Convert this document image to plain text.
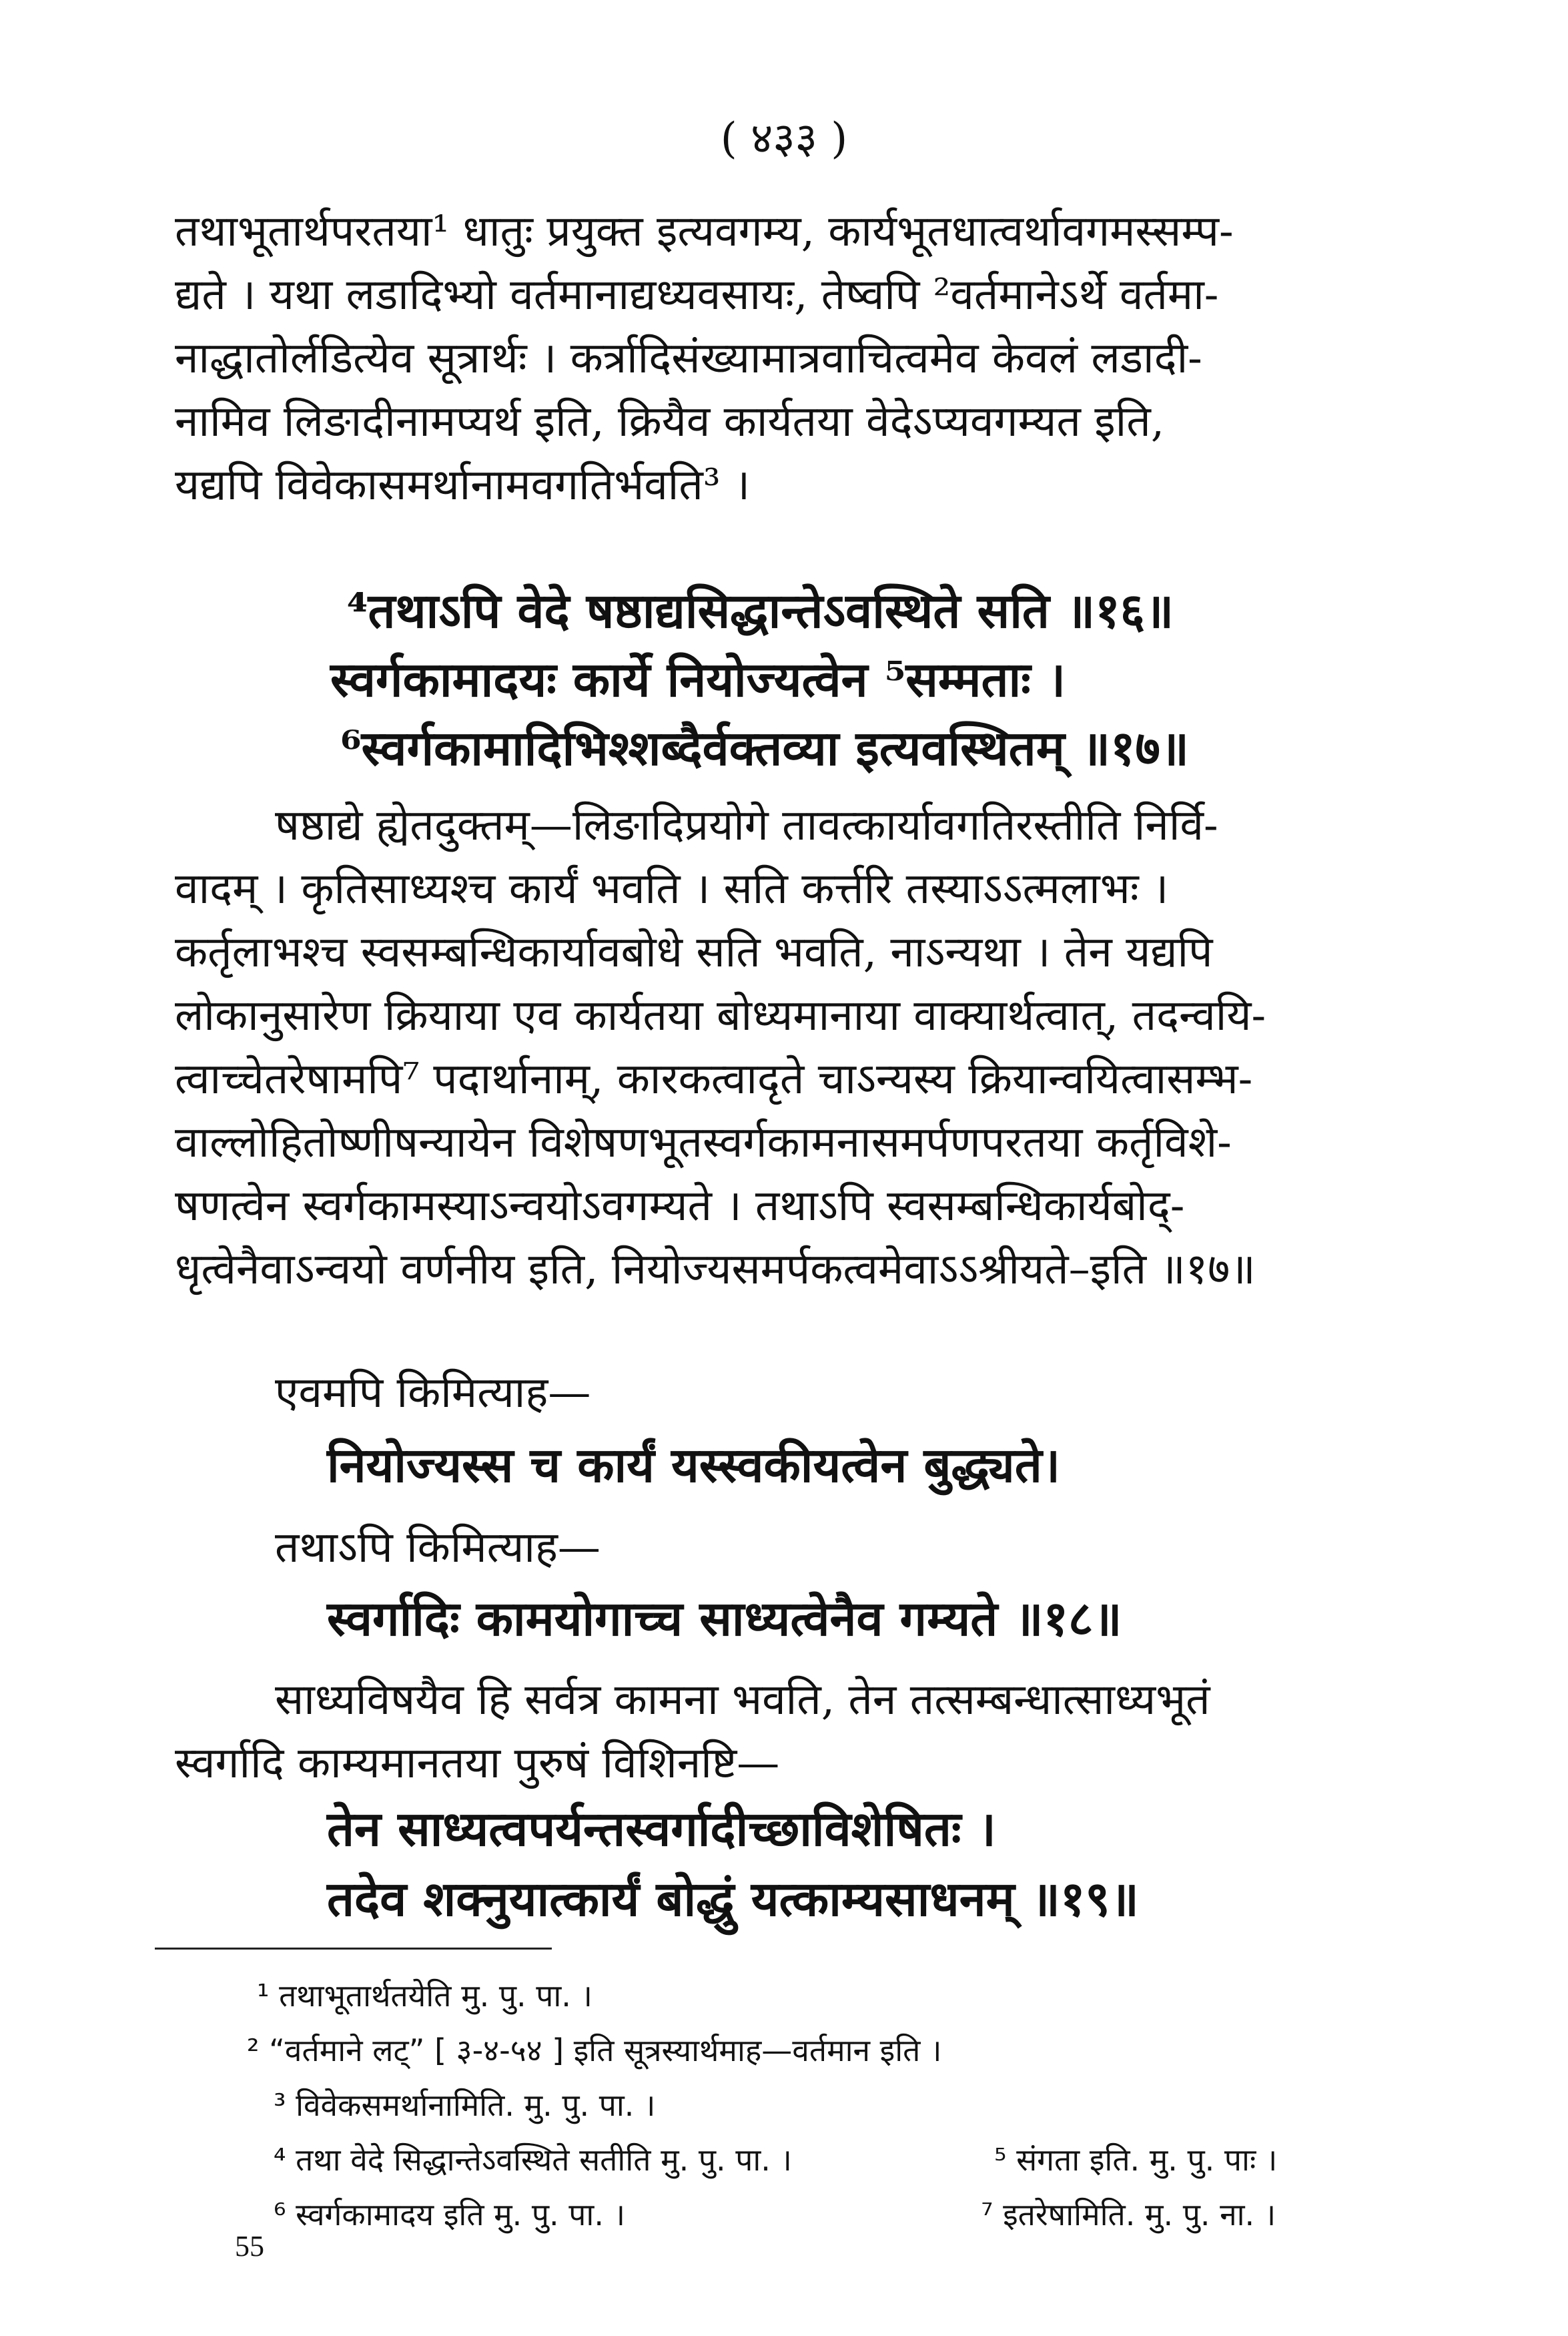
( ४३३ )
तथाभूतार्थपरतया¹ धातुः प्रयुक्त इत्यवगम्य, कार्यभूतधात्वर्थावगमस्सम्प-
द्यते । यथा लडादिभ्यो वर्तमानाद्यध्यवसायः, तेष्वपि ²वर्तमानेऽर्थे वर्तमा-
नाद्धातोर्लडित्येव सूत्रार्थः । कर्त्रादिसंख्यामात्रवाचित्वमेव केवलं लडादी-
नामिव लिङादीनामप्यर्थ इति, क्रियैव कार्यतया वेदेऽप्यवगम्यत इति,
यद्यपि विवेकासमर्थानामवगतिर्भवति³ ।
⁴तथाऽपि वेदे षष्ठाद्यसिद्धान्तेऽवस्थिते सति ॥१६॥
स्वर्गकामादयः कार्ये नियोज्यत्वेन ⁵सम्मताः ।
⁶स्वर्गकामादिभिश्शब्दैर्वक्तव्या इत्यवस्थितम् ॥१७॥
षष्ठाद्ये ह्येतदुक्तम्—लिङादिप्रयोगे तावत्कार्यावगतिरस्तीति निर्वि-
वादम् । कृतिसाध्यश्च कार्यं भवति । सति कर्त्तरि तस्याऽऽत्मलाभः ।
कर्तृलाभश्च स्वसम्बन्धिकार्यावबोधे सति भवति, नाऽन्यथा । तेन यद्यपि
लोकानुसारेण क्रियाया एव कार्यतया बोध्यमानाया वाक्यार्थत्वात्, तदन्वयि-
त्वाच्चेतरेषामपि⁷ पदार्थानाम्, कारकत्वादृते चाऽन्यस्य क्रियान्वयित्वासम्भ-
वाल्लोहितोष्णीषन्यायेन विशेषणभूतस्वर्गकामनासमर्पणपरतया कर्तृविशे-
षणत्वेन स्वर्गकामस्याऽन्वयोऽवगम्यते । तथाऽपि स्वसम्बन्धिकार्यबोद्-
धृत्वेनैवाऽन्वयो वर्णनीय इति, नियोज्यसमर्पकत्वमेवाऽऽश्रीयते–इति ॥१७॥
एवमपि किमित्याह—
नियोज्यस्स च कार्यं यस्स्वकीयत्वेन बुद्ध्यते।
तथाऽपि किमित्याह—
स्वर्गादिः कामयोगाच्च साध्यत्वेनैव गम्यते ॥१८॥
साध्यविषयैव हि सर्वत्र कामना भवति, तेन तत्सम्बन्धात्साध्यभूतं
स्वर्गादि काम्यमानतया पुरुषं विशिनष्टि—
तेन साध्यत्वपर्यन्तस्वर्गादीच्छाविशेषितः ।
तदेव शक्नुयात्कार्यं बोद्धुं यत्काम्यसाधनम् ॥१९॥
¹ तथाभूतार्थतयेति मु. पु. पा. ।
² “वर्तमाने लट्” [ ३-४-५४ ] इति सूत्रस्यार्थमाह—वर्तमान इति ।
³ विवेकसमर्थानामिति. मु. पु. पा. ।
⁴ तथा वेदे सिद्धान्तेऽवस्थिते सतीति मु. पु. पा. ।	⁵ संगता इति. मु. पु. पाः ।
⁶ स्वर्गकामादय इति मु. पु. पा. ।	⁷ इतरेषामिति. मु. पु. ना. ।
55
